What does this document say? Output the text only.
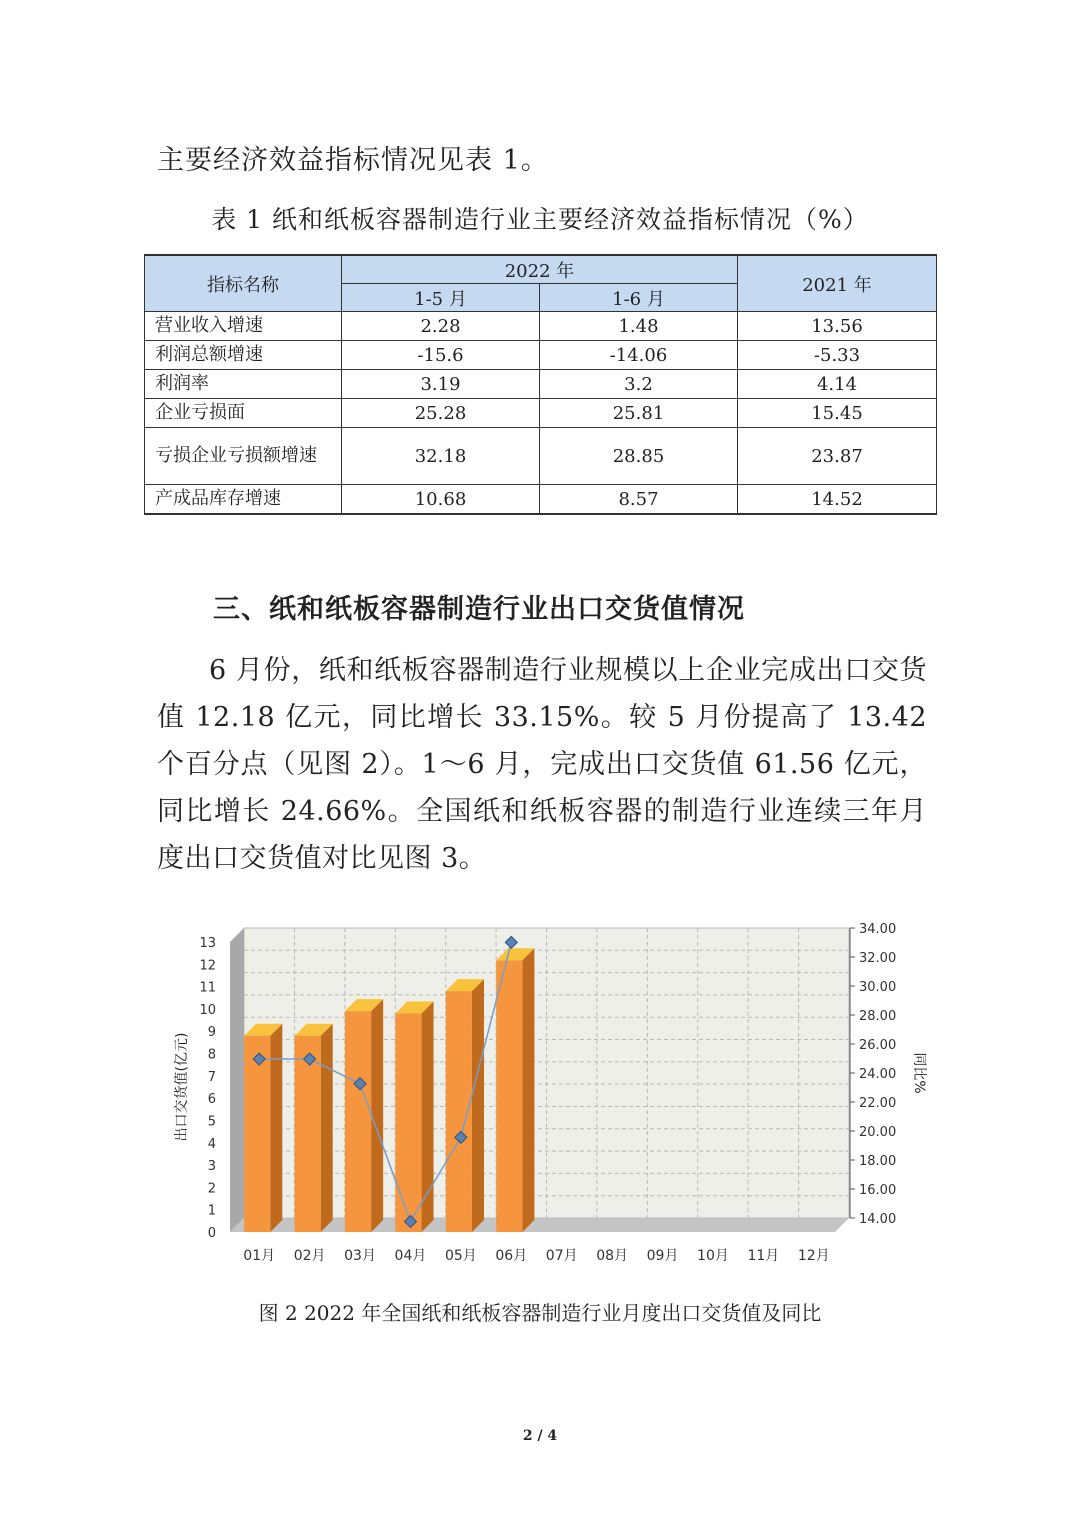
主要经济效益指标情况见表 1。
表 1 纸和纸板容器制造行业主要经济效益指标情况（%）
指标名称	2022 年		2021 年
	1-5 月	1-6 月	
营业收入增速	2.28	1.48	13.56
利润总额增速	-15.6	-14.06	-5.33
利润率	3.19	3.2	4.14
企业亏损面	25.28	25.81	15.45
亏损企业亏损额增速	32.18	28.85	23.87
产成品库存增速	10.68	8.57	14.52
三、纸和纸板容器制造行业出口交货值情况
6 月份，纸和纸板容器制造行业规模以上企业完成出口交货值 12.18 亿元，同比增长 33.15%。较 5 月份提高了 13.42 个百分点（见图 2）。1～6 月，完成出口交货值 61.56 亿元，同比增长 24.66%。全国纸和纸板容器的制造行业连续三年月度出口交货值对比见图 3。
0
1
2
3
4
5
6
7
8
9
10
11
12
13
14.00
16.00
18.00
20.00
22.00
24.00
26.00
28.00
30.00
32.00
34.00
01月 02月 03月 04月 05月 06月 07月 08月 09月 10月 11月 12月
出口交货值(亿元)	同比%
图 2 2022 年全国纸和纸板容器制造行业月度出口交货值及同比
2 / 4
